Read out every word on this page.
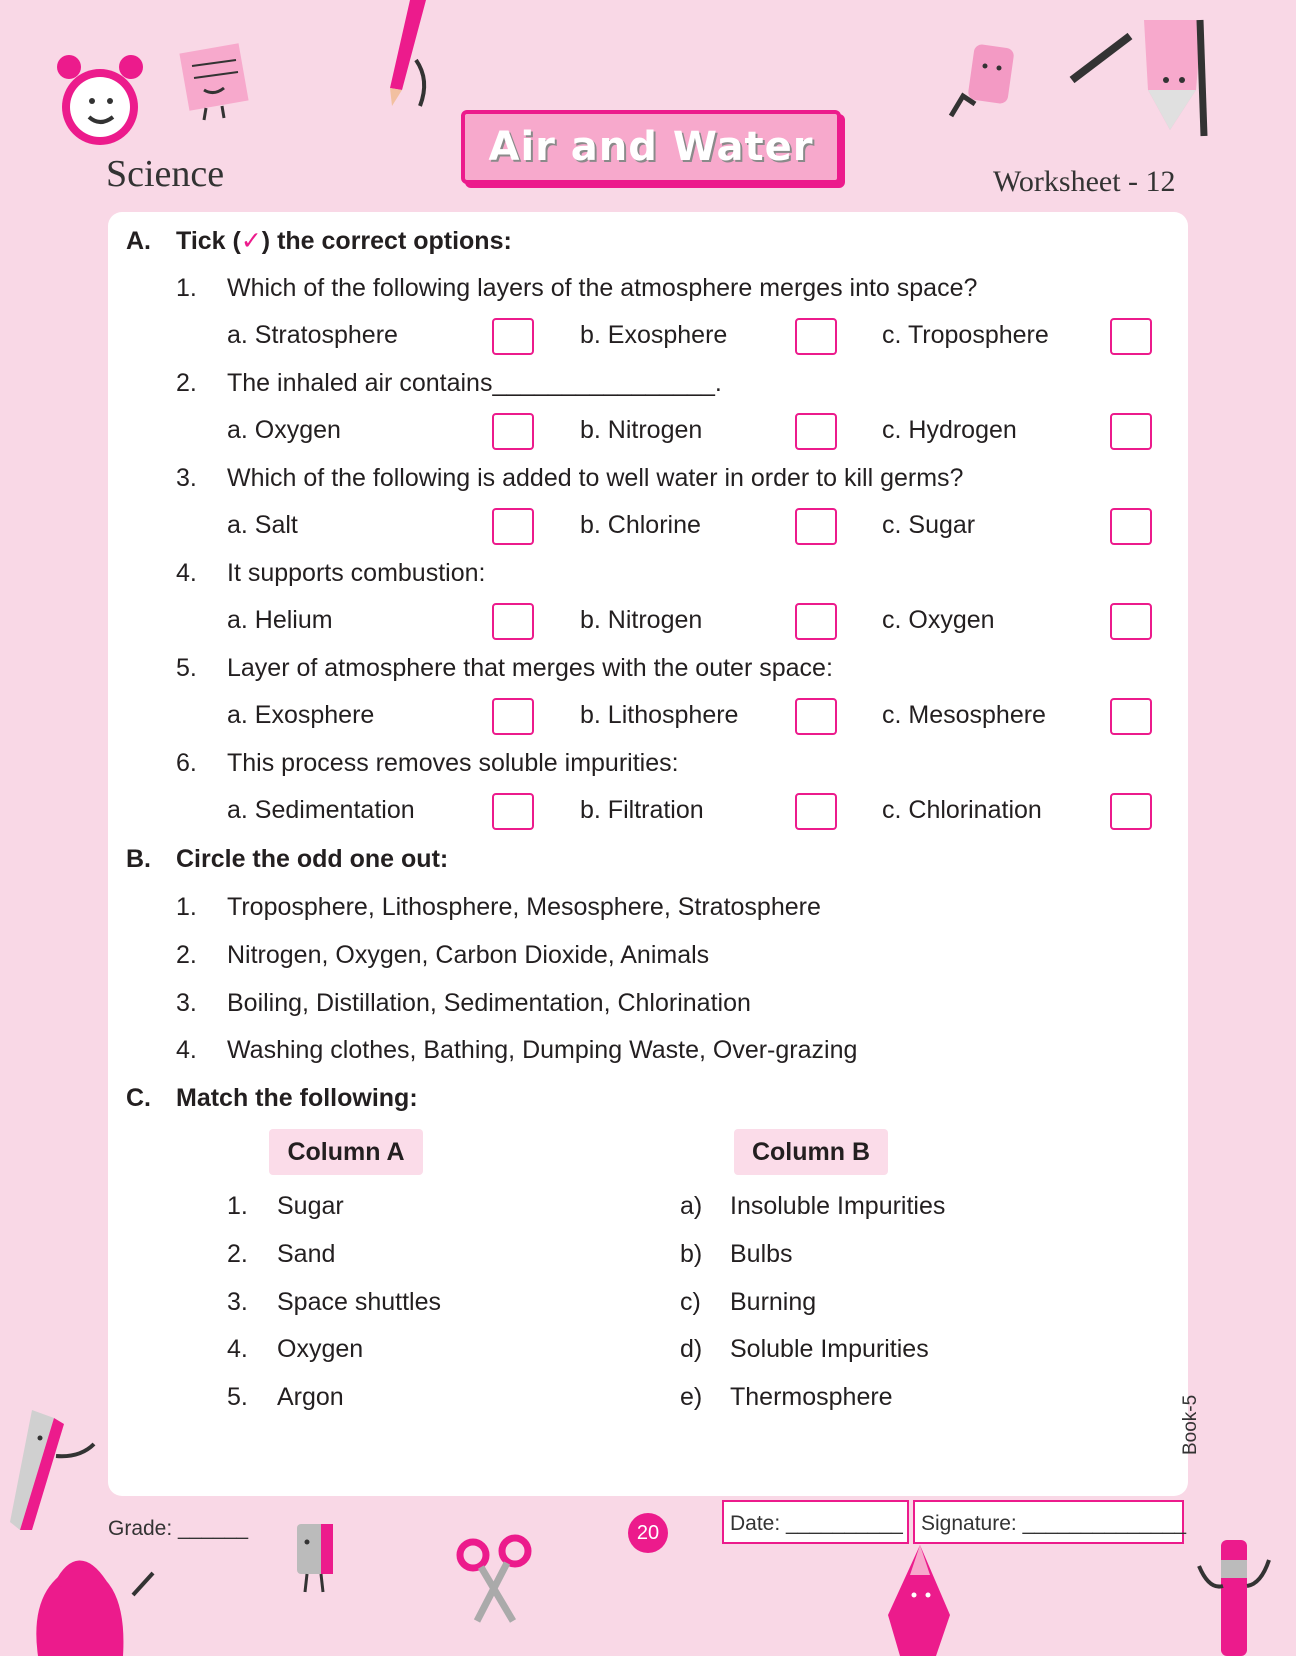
Science
Air and Water
Worksheet - 12
A. Tick (✓) the correct options:
1. Which of the following layers of the atmosphere merges into space?
a. Stratosphere	b. Exosphere	c. Troposphere
2. The inhaled air contains________________.
a. Oxygen	b. Nitrogen	c. Hydrogen
3. Which of the following is added to well water in order to kill germs?
a. Salt	b. Chlorine	c. Sugar
4. It supports combustion:
a. Helium	b. Nitrogen	c. Oxygen
5. Layer of atmosphere that merges with the outer space:
a. Exosphere	b. Lithosphere	c. Mesosphere
6. This process removes soluble impurities:
a. Sedimentation	b. Filtration	c. Chlorination
B. Circle the odd one out:
1. Troposphere, Lithosphere, Mesosphere, Stratosphere
2. Nitrogen, Oxygen, Carbon Dioxide, Animals
3. Boiling, Distillation, Sedimentation, Chlorination
4. Washing clothes, Bathing, Dumping Waste, Over-grazing
C. Match the following:
Column A	Column B
1. Sugar	a) Insoluble Impurities
2. Sand	b) Bulbs
3. Space shuttles	c) Burning
4. Oxygen	d) Soluble Impurities
5. Argon	e) Thermosphere	Book-5
Grade: ______	20	Date: __________ Signature: ______________
